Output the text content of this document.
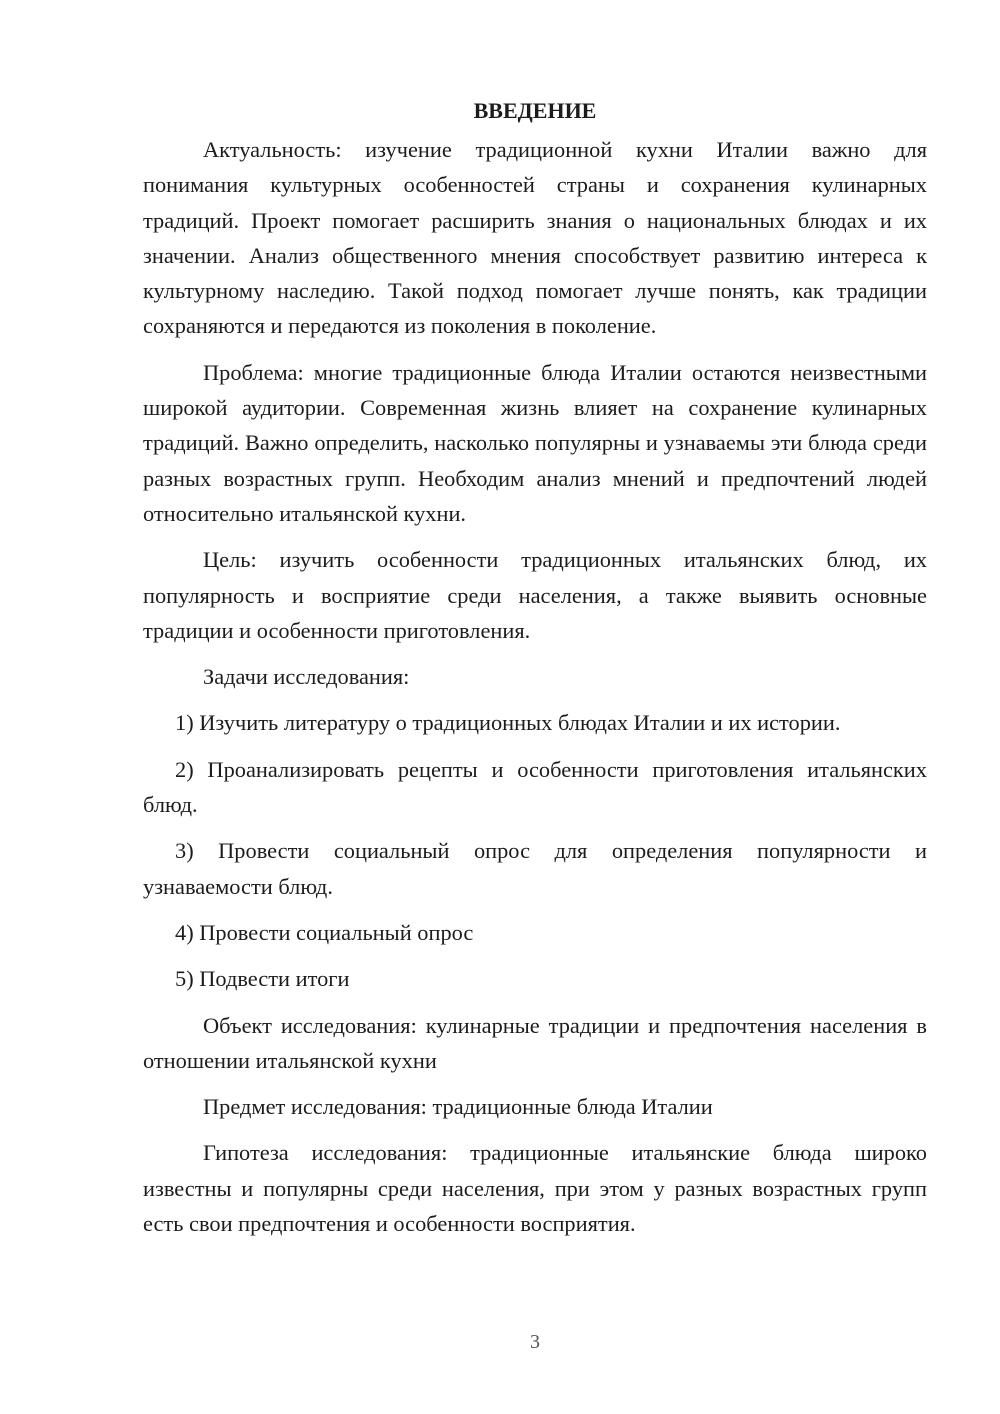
ВВЕДЕНИЕ

Актуальность: изучение традиционной кухни Италии важно для понимания культурных особенностей страны и сохранения кулинарных традиций. Проект помогает расширить знания о национальных блюдах и их значении. Анализ общественного мнения способствует развитию интереса к культурному наследию. Такой подход помогает лучше понять, как традиции сохраняются и передаются из поколения в поколение.

Проблема: многие традиционные блюда Италии остаются неизвестными широкой аудитории. Современная жизнь влияет на сохранение кулинарных традиций. Важно определить, насколько популярны и узнаваемы эти блюда среди разных возрастных групп. Необходим анализ мнений и предпочтений людей относительно итальянской кухни.

Цель: изучить особенности традиционных итальянских блюд, их популярность и восприятие среди населения, а также выявить основные традиции и особенности приготовления.

Задачи исследования:

1) Изучить литературу о традиционных блюдах Италии и их истории.

2) Проанализировать рецепты и особенности приготовления итальянских блюд.

3) Провести социальный опрос для определения популярности и узнаваемости блюд.

4) Провести социальный опрос

5) Подвести итоги

Объект исследования: кулинарные традиции и предпочтения населения в отношении итальянской кухни

Предмет исследования: традиционные блюда Италии

Гипотеза исследования: традиционные итальянские блюда широко известны и популярны среди населения, при этом у разных возрастных групп есть свои предпочтения и особенности восприятия.

3
